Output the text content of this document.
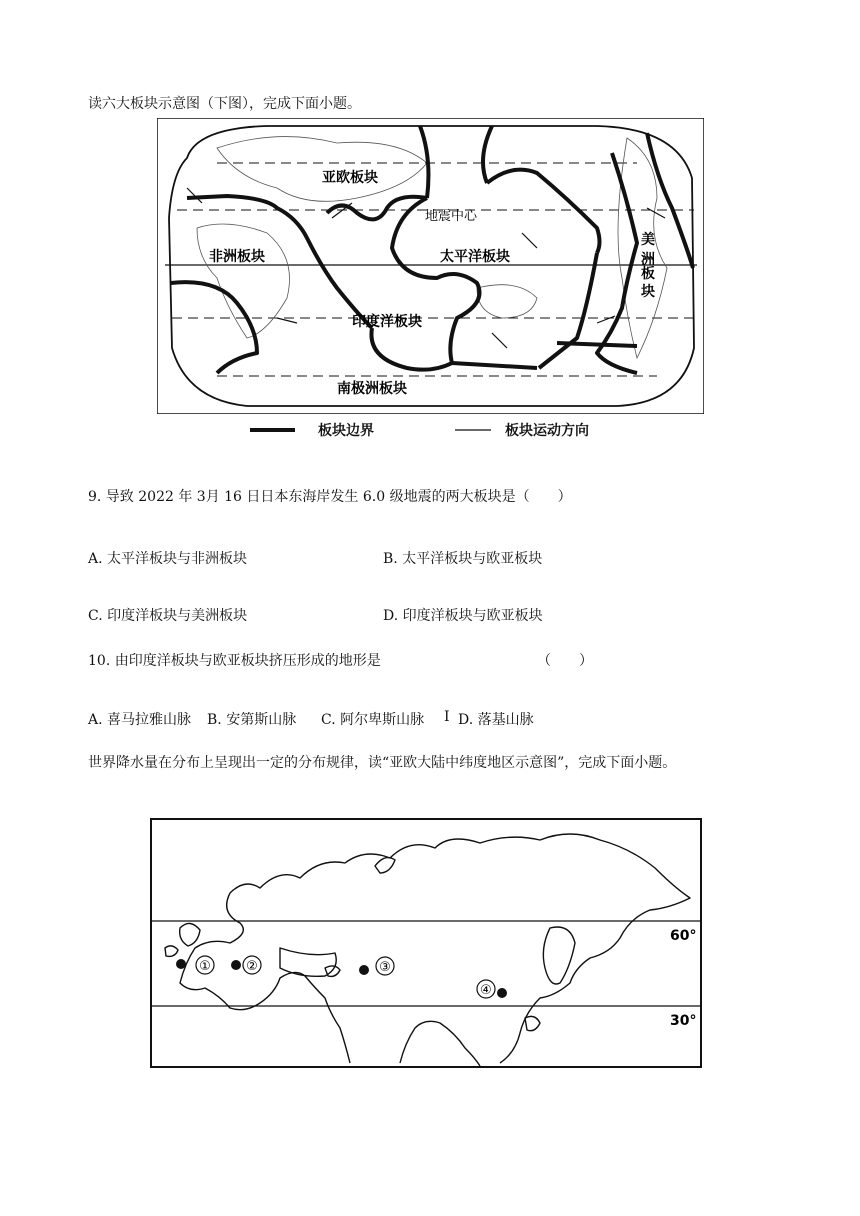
读六大板块示意图（下图），完成下面小题。
亚欧板块
非洲板块	太平洋板块
印度洋板块
南极洲板块
地震中心
美
洲
板
块
板块边界	板块运动方向
9. 导致 2022 年 3月 16 日日本东海岸发生 6.0 级地震的两大板块是（　　）
A. 太平洋板块与非洲板块	B. 太平洋板块与欧亚板块
C. 印度洋板块与美洲板块	D. 印度洋板块与欧亚板块
10. 由印度洋板块与欧亚板块挤压形成的地形是	（　　）
A. 喜马拉雅山脉 B. 安第斯山脉 C. 阿尔卑斯山脉 I D. 落基山脉
世界降水量在分布上呈现出一定的分布规律，读“亚欧大陆中纬度地区示意图”，完成下面小题。
60°
30°
①	②	③
④
